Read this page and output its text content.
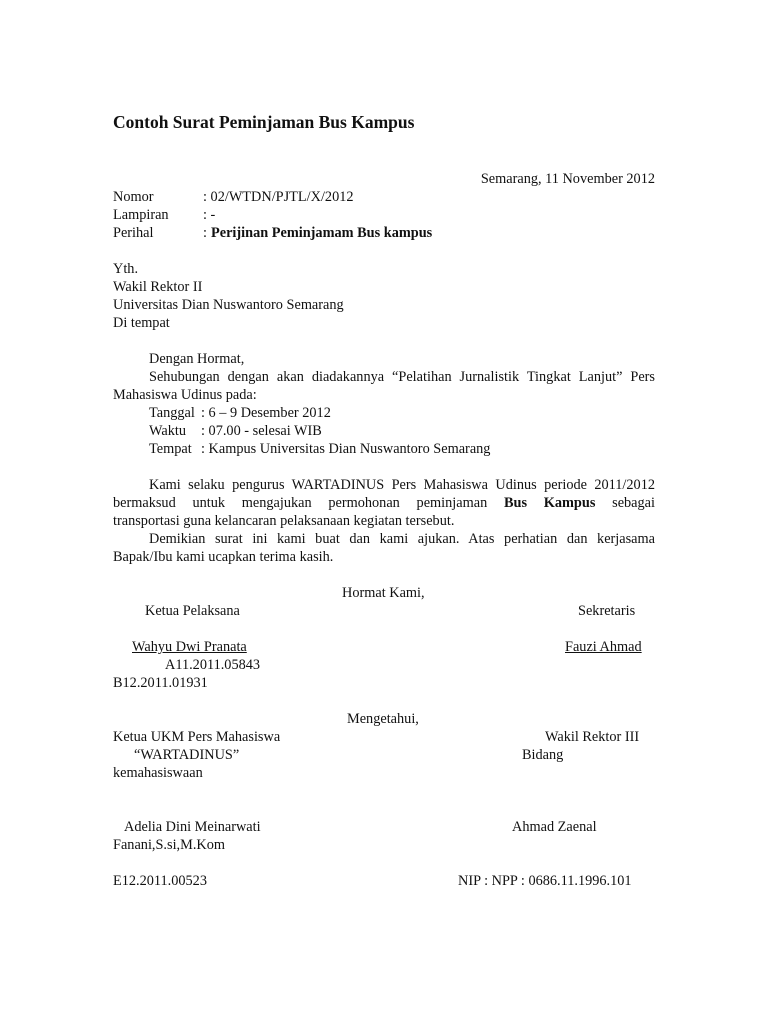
Contoh Surat Peminjaman Bus Kampus
Semarang, 11 November 2012
Nomor	: 02/WTDN/PJTL/X/2012
Lampiran : -
Perihal	: Perijinan Peminjamam Bus kampus
Yth.
Wakil Rektor II
Universitas Dian Nuswantoro Semarang
Di tempat
Dengan Hormat,
Sehubungan dengan akan diadakannya “Pelatihan Jurnalistik Tingkat Lanjut” Pers
Mahasiswa Udinus pada:
Tanggal : 6 – 9 Desember 2012
Waktu : 07.00 - selesai WIB
Tempat : Kampus Universitas Dian Nuswantoro Semarang
Kami selaku pengurus WARTADINUS Pers Mahasiswa Udinus periode 2011/2012
bermaksud untuk mengajukan permohonan peminjaman Bus Kampus sebagai
transportasi guna kelancaran pelaksanaan kegiatan tersebut.
Demikian surat ini kami buat dan kami ajukan. Atas perhatian dan kerjasama
Bapak/Ibu kami ucapkan terima kasih.
Hormat Kami,
Ketua Pelaksana	Sekretaris
Wahyu Dwi Pranata	Fauzi Ahmad
A11.2011.05843
B12.2011.01931
Mengetahui,
Ketua UKM Pers Mahasiswa	Wakil Rektor III
“WARTADINUS”	Bidang
kemahasiswaan
Adelia Dini Meinarwati	Ahmad Zaenal
Fanani,S.si,M.Kom
E12.2011.00523	NIP : NPP : 0686.11.1996.101
